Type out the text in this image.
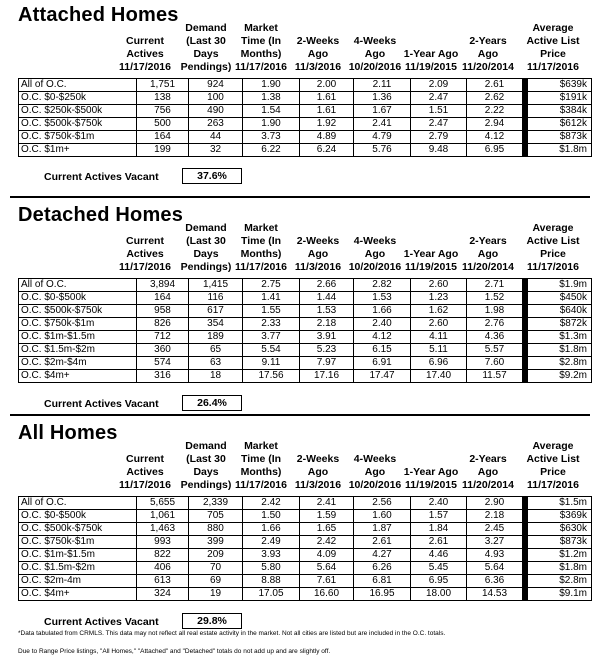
Attached Homes
Current
Actives
11/17/2016
Demand
(Last 30
Days
Pendings)
Market
Time (In
Months)
11/17/2016
2-Weeks
Ago
11/3/2016
4-Weeks
Ago
10/20/2016
1-Year Ago
11/19/2015
2-Years
Ago
11/20/2014
Average
Active List
Price
11/17/2016
All of O.C.	1,751	924	1.90	2.00	2.11	2.09	2.61		$639k
O.C. $0-$250k	138	100	1.38	1.61	1.36	2.47	2.62		$191k
O.C. $250k-$500k	756	490	1.54	1.61	1.67	1.51	2.22		$384k
O.C. $500k-$750k	500	263	1.90	1.92	2.41	2.47	2.94		$612k
O.C. $750k-$1m	164	44	3.73	4.89	4.79	2.79	4.12		$873k
O.C. $1m+	199	32	6.22	6.24	5.76	9.48	6.95		$1.8m
Current Actives Vacant	37.6%
Detached Homes
Current
Actives
11/17/2016
Demand
(Last 30
Days
Pendings)
Market
Time (In
Months)
11/17/2016
2-Weeks
Ago
11/3/2016
4-Weeks
Ago
10/20/2016
1-Year Ago
11/19/2015
2-Years
Ago
11/20/2014
Average
Active List
Price
11/17/2016
All of O.C.	3,894	1,415	2.75	2.66	2.82	2.60	2.71		$1.9m
O.C. $0-$500k	164	116	1.41	1.44	1.53	1.23	1.52		$450k
O.C. $500k-$750k	958	617	1.55	1.53	1.66	1.62	1.98		$640k
O.C. $750k-$1m	826	354	2.33	2.18	2.40	2.60	2.76		$872k
O.C. $1m-$1.5m	712	189	3.77	3.91	4.12	4.11	4.36		$1.3m
O.C. $1.5m-$2m	360	65	5.54	5.23	6.15	5.11	5.57		$1.8m
O.C. $2m-$4m	574	63	9.11	7.97	6.91	6.96	7.60		$2.8m
O.C. $4m+	316	18	17.56	17.16	17.47	17.40	11.57		$9.2m
Current Actives Vacant	26.4%
All Homes
Current
Actives
11/17/2016
Demand
(Last 30
Days
Pendings)
Market
Time (In
Months)
11/17/2016
2-Weeks
Ago
11/3/2016
4-Weeks
Ago
10/20/2016
1-Year Ago
11/19/2015
2-Years
Ago
11/20/2014
Average
Active List
Price
11/17/2016
All of O.C.	5,655	2,339	2.42	2.41	2.56	2.40	2.90		$1.5m
O.C. $0-$500k	1,061	705	1.50	1.59	1.60	1.57	2.18		$369k
O.C. $500k-$750k	1,463	880	1.66	1.65	1.87	1.84	2.45		$630k
O.C. $750k-$1m	993	399	2.49	2.42	2.61	2.61	3.27		$873k
O.C. $1m-$1.5m	822	209	3.93	4.09	4.27	4.46	4.93		$1.2m
O.C. $1.5m-$2m	406	70	5.80	5.64	6.26	5.45	5.64		$1.8m
O.C. $2m-4m	613	69	8.88	7.61	6.81	6.95	6.36		$2.8m
O.C. $4m+	324	19	17.05	16.60	16.95	18.00	14.53		$9.1m
Current Actives Vacant	29.8%
*Data tabulated from CRMLS. This data may not reflect all real estate activity in the market. Not all cities are listed but are included in the O.C. totals.
Due to Range Price listings, "All Homes," "Attached" and "Detached" totals do not add up and are slightly off.
